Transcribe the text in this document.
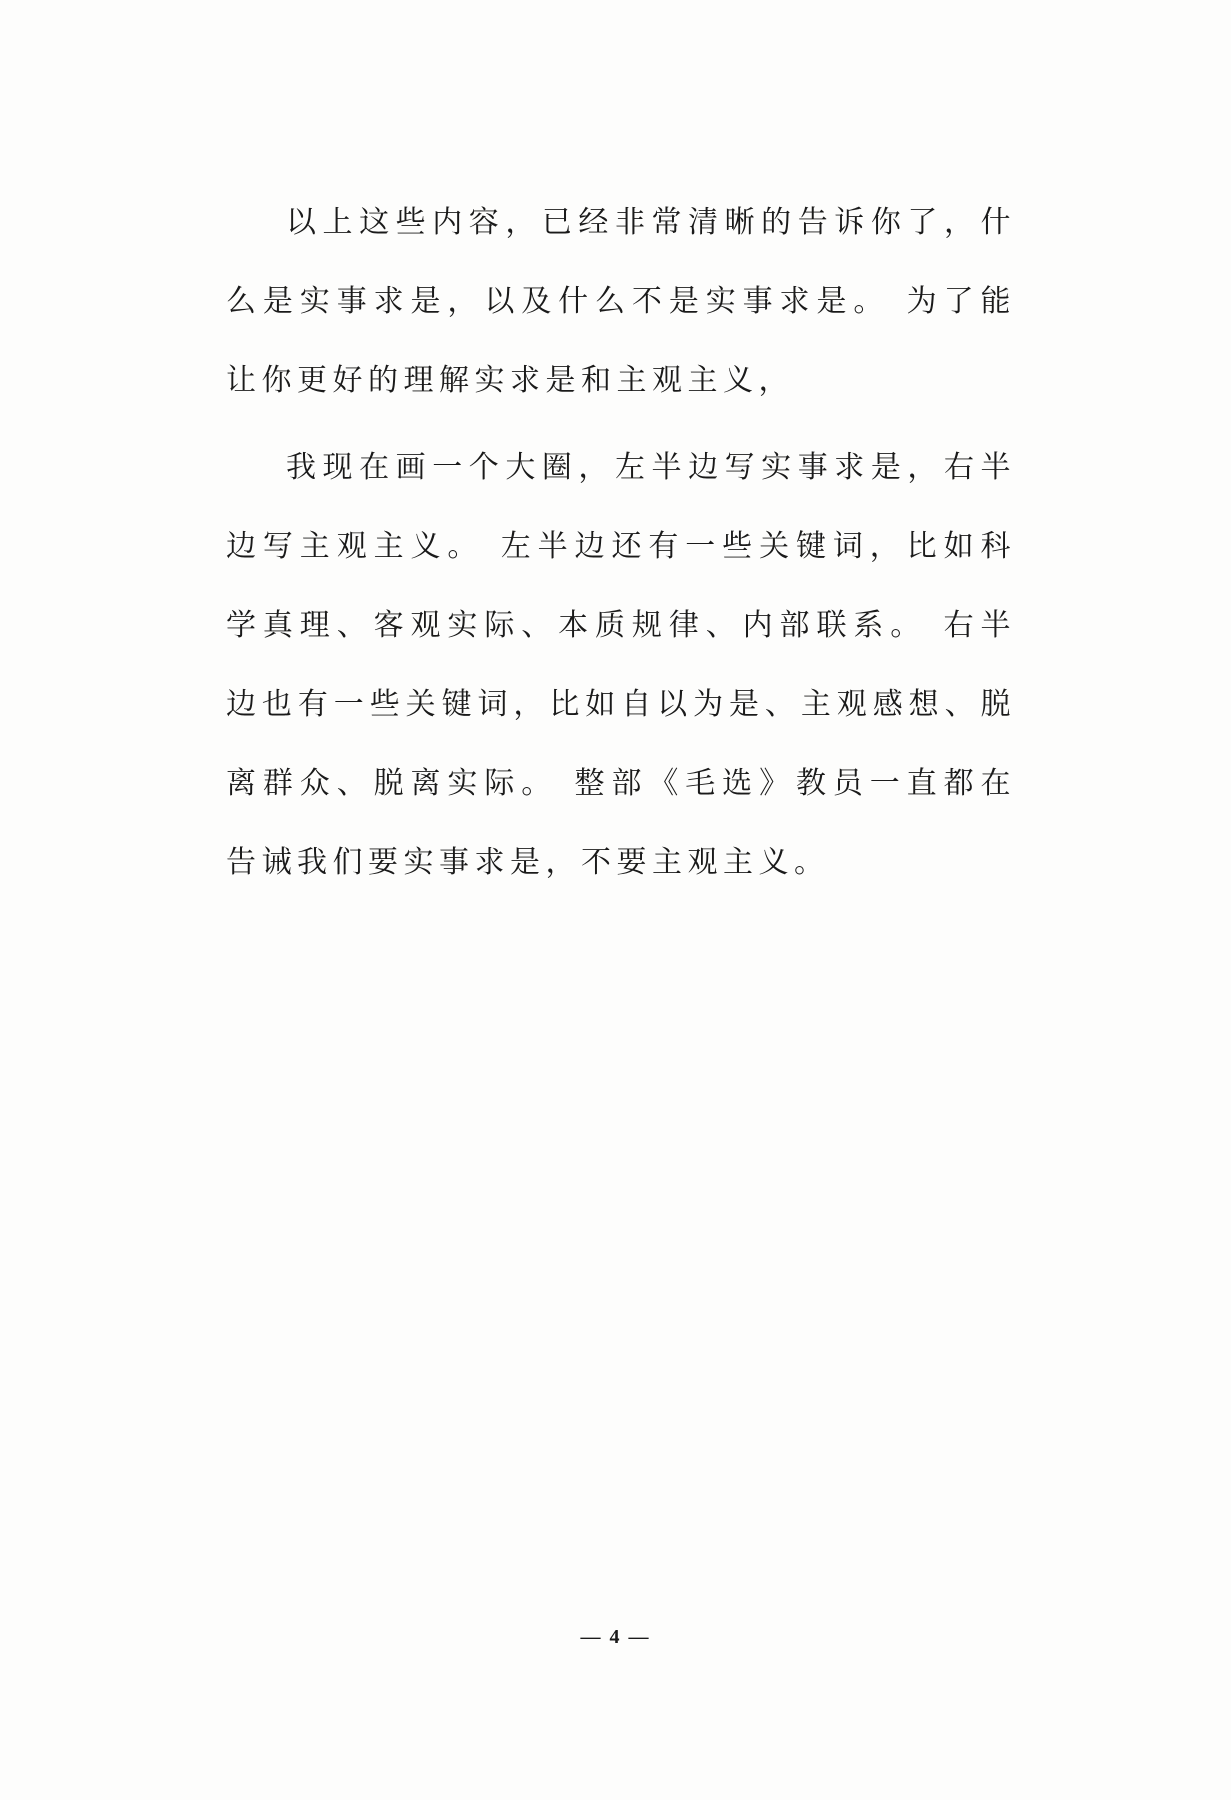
以上这些内容，已经非常清晰的告诉你了，什么是实事求是，以及什么不是实事求是。 为了能让你更好的理解实求是和主观主义，

我现在画一个大圈，左半边写实事求是，右半边写主观主义。 左半边还有一些关键词，比如科学真理、客观实际、本质规律、内部联系。 右半边也有一些关键词，比如自以为是、主观感想、脱离群众、脱离实际。 整部《毛选》教员一直都在告诫我们要实事求是，不要主观主义。

— 4 —
